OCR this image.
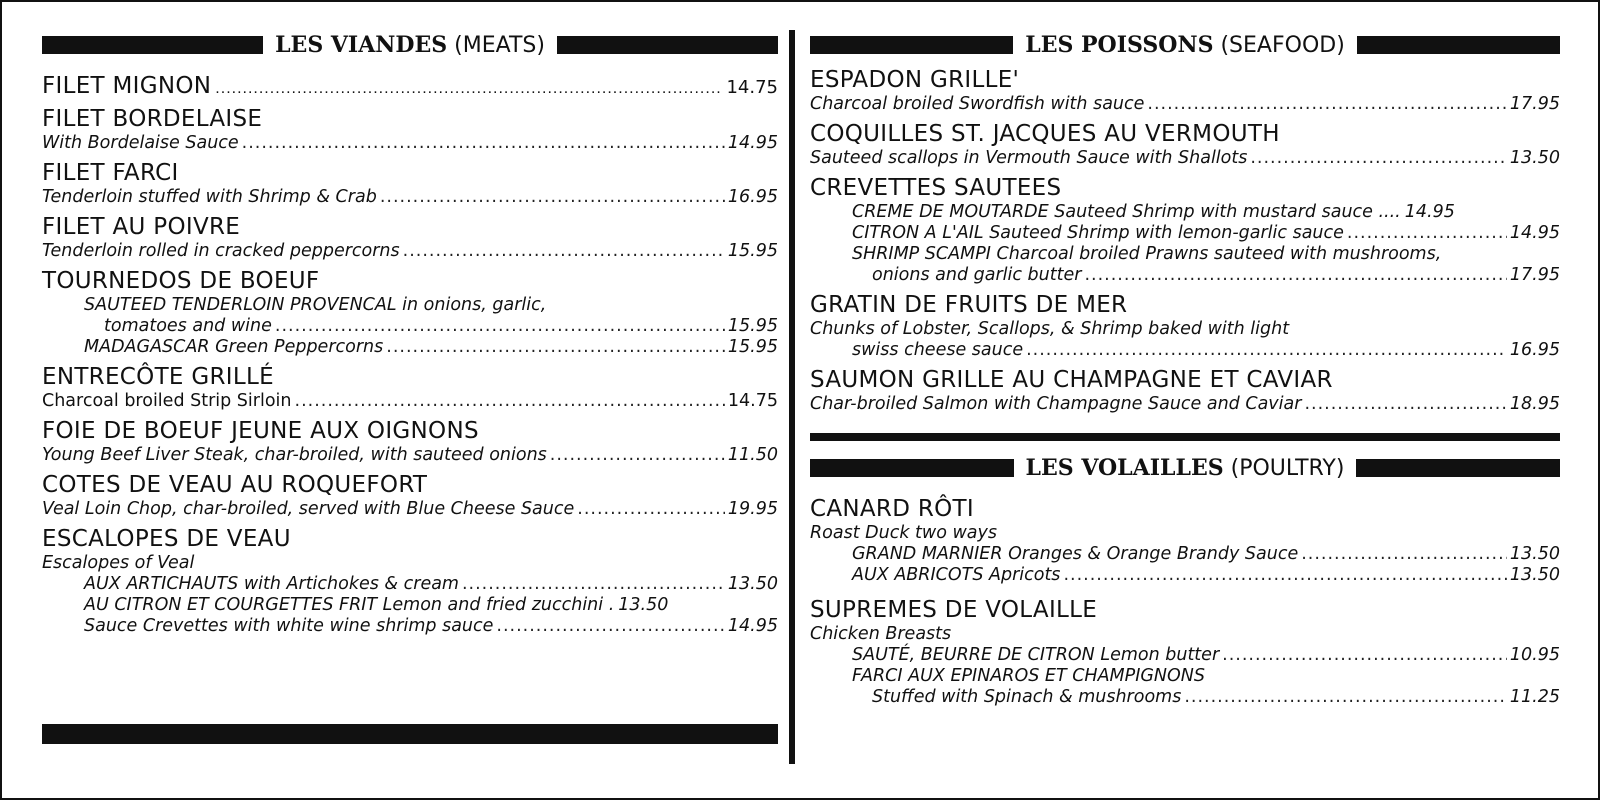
LES VIANDES (MEATS)
FILET MIGNON .....	14.75
FILET BORDELAISE
With Bordelaise Sauce .....	14.95
FILET FARCI
Tenderloin stuffed with Shrimp & Crab .....	16.95
FILET AU POIVRE
Tenderloin rolled in cracked peppercorns .....	15.95
TOURNEDOS DE BOEUF
SAUTEED TENDERLOIN PROVENCAL in onions, garlic,
tomatoes and wine .....	15.95
MADAGASCAR Green Peppercorns .....	15.95
ENTRECÔTE GRILLÉ
Charcoal broiled Strip Sirloin .....	14.75
FOIE DE BOEUF JEUNE AUX OIGNONS
Young Beef Liver Steak, char-broiled, with sauteed onions .....	11.50
COTES DE VEAU AU ROQUEFORT
Veal Loin Chop, char-broiled, served with Blue Cheese Sauce .....	19.95
ESCALOPES DE VEAU
Escalopes of Veal
AUX ARTICHAUTS with Artichokes & cream .....	13.50
AU CITRON ET COURGETTES FRIT Lemon and fried zucchini . 13.50
Sauce Crevettes with white wine shrimp sauce .....	14.95
LES POISSONS (SEAFOOD)
ESPADON GRILLE'
Charcoal broiled Swordfish with sauce .....	17.95
COQUILLES ST. JACQUES AU VERMOUTH
Sauteed scallops in Vermouth Sauce with Shallots .....	13.50
CREVETTES SAUTEES
CREME DE MOUTARDE Sauteed Shrimp with mustard sauce .... 14.95
CITRON A L'AIL Sauteed Shrimp with lemon-garlic sauce .....	14.95
SHRIMP SCAMPI Charcoal broiled Prawns sauteed with mushrooms,
onions and garlic butter .....	17.95
GRATIN DE FRUITS DE MER
Chunks of Lobster, Scallops, & Shrimp baked with light
swiss cheese sauce .....	16.95
SAUMON GRILLE AU CHAMPAGNE ET CAVIAR
Char-broiled Salmon with Champagne Sauce and Caviar .....	18.95
LES VOLAILLES (POULTRY)
CANARD RÔTI
Roast Duck two ways
GRAND MARNIER Oranges & Orange Brandy Sauce .....	13.50
AUX ABRICOTS Apricots .....	13.50
SUPREMES DE VOLAILLE
Chicken Breasts
SAUTÉ, BEURRE DE CITRON Lemon butter .....	10.95
FARCI AUX EPINAROS ET CHAMPIGNONS
Stuffed with Spinach & mushrooms .....	11.25
